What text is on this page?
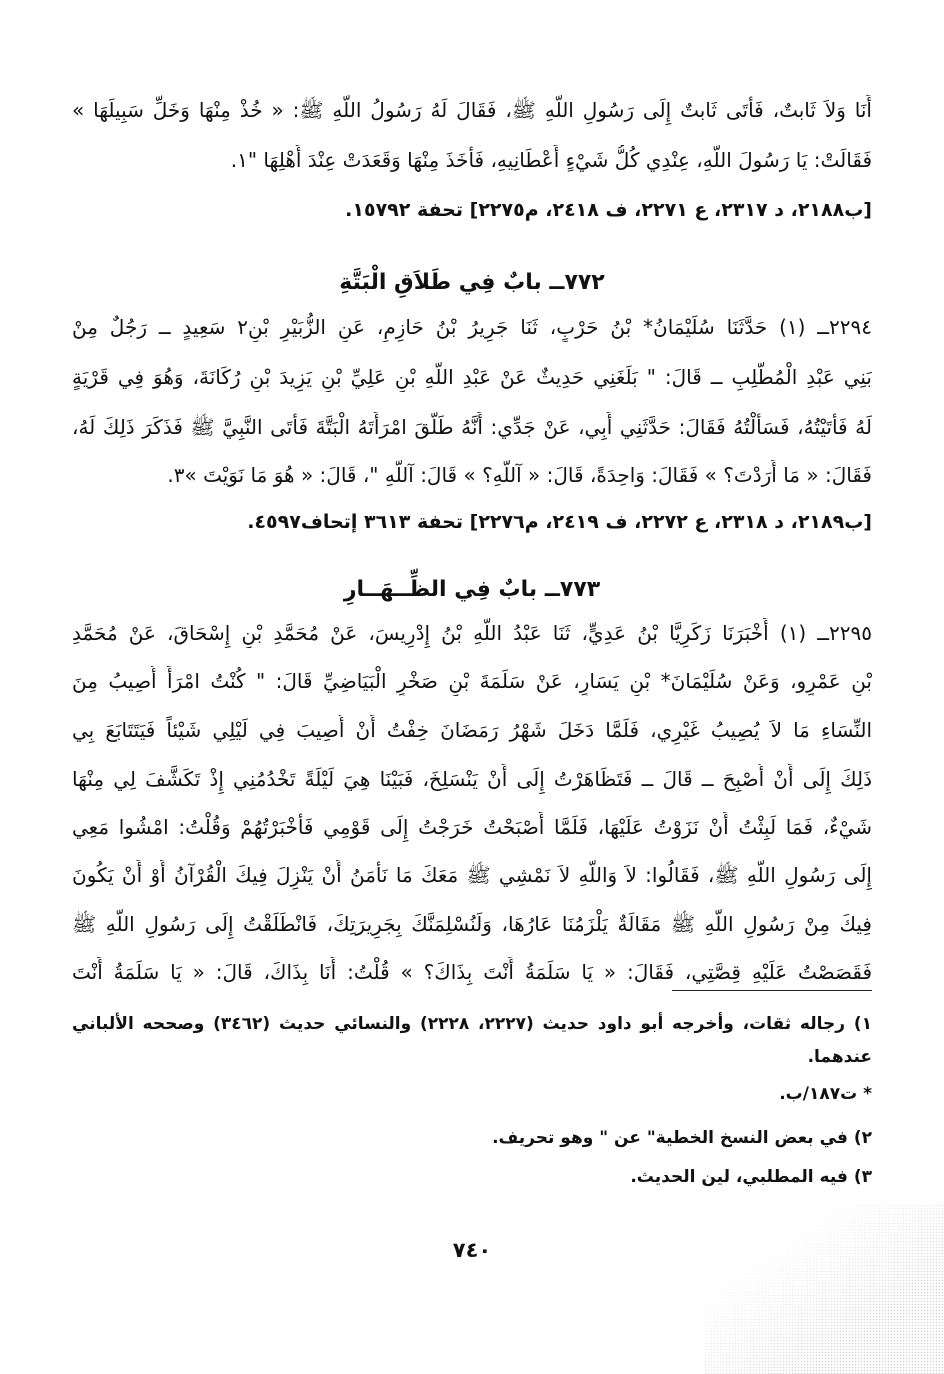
أَنَا وَلاَ ثَابتٌ، فَأَتَى ثَابتٌ إِلَى رَسُولِ اللَّهِ ﷺ، فَقَالَ لَهُ رَسُولُ اللَّهِ ﷺ: « خُذْ مِنْهَا وَخَلِّ سَبِيلَهَا »
فَقَالَتْ: يَا رَسُولَ اللَّهِ، عِنْدِي كُلُّ شَيْءٍ أَعْطَانِيهِ، فَأَخَذَ مِنْهَا وَقَعَدَتْ عِنْدَ أَهْلِهَا "١.
[ب٢١٨٨، د ٢٣١٧، ع ٢٢٧١، ف ٢٤١٨، م٢٢٧٥] تحفة ١٥٧٩٢.
٧٧٢ــ بابٌ فِي طَلاَقِ الْبَتَّةِ
٢٢٩٤ــ (١) حَدَّثَنَا سُلَيْمَانُ* بْنُ حَرْبٍ، ثَنَا جَرِيرُ بْنُ حَازِمٍ، عَنِ الزُّبَيْرِ بْنِ٢ سَعِيدٍ ــ رَجُلٌ مِنْ
بَنِي عَبْدِ الْمُطَّلِبِ ــ قَالَ: " بَلَغَنِي حَدِيثٌ عَنْ عَبْدِ اللَّهِ بْنِ عَلِيِّ بْنِ يَزِيدَ بْنِ رُكَانَةَ، وَهُوَ فِي قَرْيَةٍ
لَهُ فَأَتَيْتُهُ، فَسَأَلْتُهُ فَقَالَ: حَدَّثَنِي أَبِي، عَنْ جَدِّي: أَنَّهُ طَلَّقَ امْرَأَتَهُ الْبَتَّةَ فَأَتَى النَّبِيَّ ﷺ فَذَكَرَ ذَلِكَ لَهُ،
فَقَالَ: « مَا أَرَدْتَ؟ » فَقَالَ: وَاحِدَةً، قَالَ: « آللَّهِ؟ » قَالَ: آللَّهِ "، قَالَ: « هُوَ مَا نَوَيْتَ »٣.
[ب٢١٨٩، د ٢٣١٨، ع ٢٢٧٢، ف ٢٤١٩، م٢٢٧٦] تحفة ٣٦١٣ إتحاف٤٥٩٧.
٧٧٣ــ بابٌ فِي الظِّــهَــارِ
٢٢٩٥ــ (١) أَخْبَرَنَا زَكَرِيَّا بْنُ عَدِيٍّ، ثَنَا عَبْدُ اللَّهِ بْنُ إِدْرِيسَ، عَنْ مُحَمَّدِ بْنِ إِسْحَاقَ، عَنْ مُحَمَّدِ
بْنِ عَمْرٍو، وَعَنْ سُلَيْمَانَ* بْنِ يَسَارٍ، عَنْ سَلَمَةَ بْنِ صَخْرٍ الْبَيَاضِيِّ قَالَ: " كُنْتُ امْرَأً أُصِيبُ مِنَ
النِّسَاءِ مَا لاَ يُصِيبُ غَيْرِي، فَلَمَّا دَخَلَ شَهْرُ رَمَضَانَ خِفْتُ أَنْ أُصِيبَ فِي لَيْلِي شَيْئاً فَيَتَتَابَعَ بِي
ذَلِكَ إِلَى أَنْ أُصْبِحَ ــ قَالَ ــ فَتَظَاهَرْتُ إِلَى أَنْ يَنْسَلِخَ، فَبَيْنَا هِيَ لَيْلَةً تَخْدُمُنِي إِذْ تَكَشَّفَ لِي مِنْهَا
شَيْءٌ، فَمَا لَبِثْتُ أَنْ نَزَوْتُ عَلَيْهَا، فَلَمَّا أَصْبَحْتُ خَرَجْتُ إِلَى قَوْمِي فَأَخْبَرْتُهُمْ وَقُلْتُ: امْشُوا مَعِي
إِلَى رَسُولِ اللَّهِ ﷺ، فَقَالُوا: لاَ وَاللَّهِ لاَ نَمْشِي ﷺ مَعَكَ مَا نَأْمَنُ أَنْ يَنْزِلَ فِيكَ الْقُرْآنُ أَوْ أَنْ يَكُونَ
فِيكَ مِنْ رَسُولِ اللَّهِ ﷺ مَقَالَةٌ يَلْزَمُنَا عَارُهَا، وَلَنُسْلِمَنَّكَ بِجَرِيرَتِكَ، فَانْطَلَقْتُ إِلَى رَسُولِ اللَّهِ ﷺ
فَقَصَصْتُ عَلَيْهِ قِصَّتِي، فَقَالَ: « يَا سَلَمَةُ أَنْتَ بِذَاكَ؟ » قُلْتُ: أَنَا بِذَاكَ، قَالَ: « يَا سَلَمَةُ أَنْتَ
١) رجاله ثقات، وأخرجه أبو داود حديث (٢٢٢٧، ٢٢٢٨) والنسائي حديث (٣٤٦٢) وصححه الألباني
عندهما.
* ت١٨٧/ب.
٢) في بعض النسخ الخطية" عن " وهو تحريف.
٣) فيه المطلبي، لين الحديث.
٧٤٠
